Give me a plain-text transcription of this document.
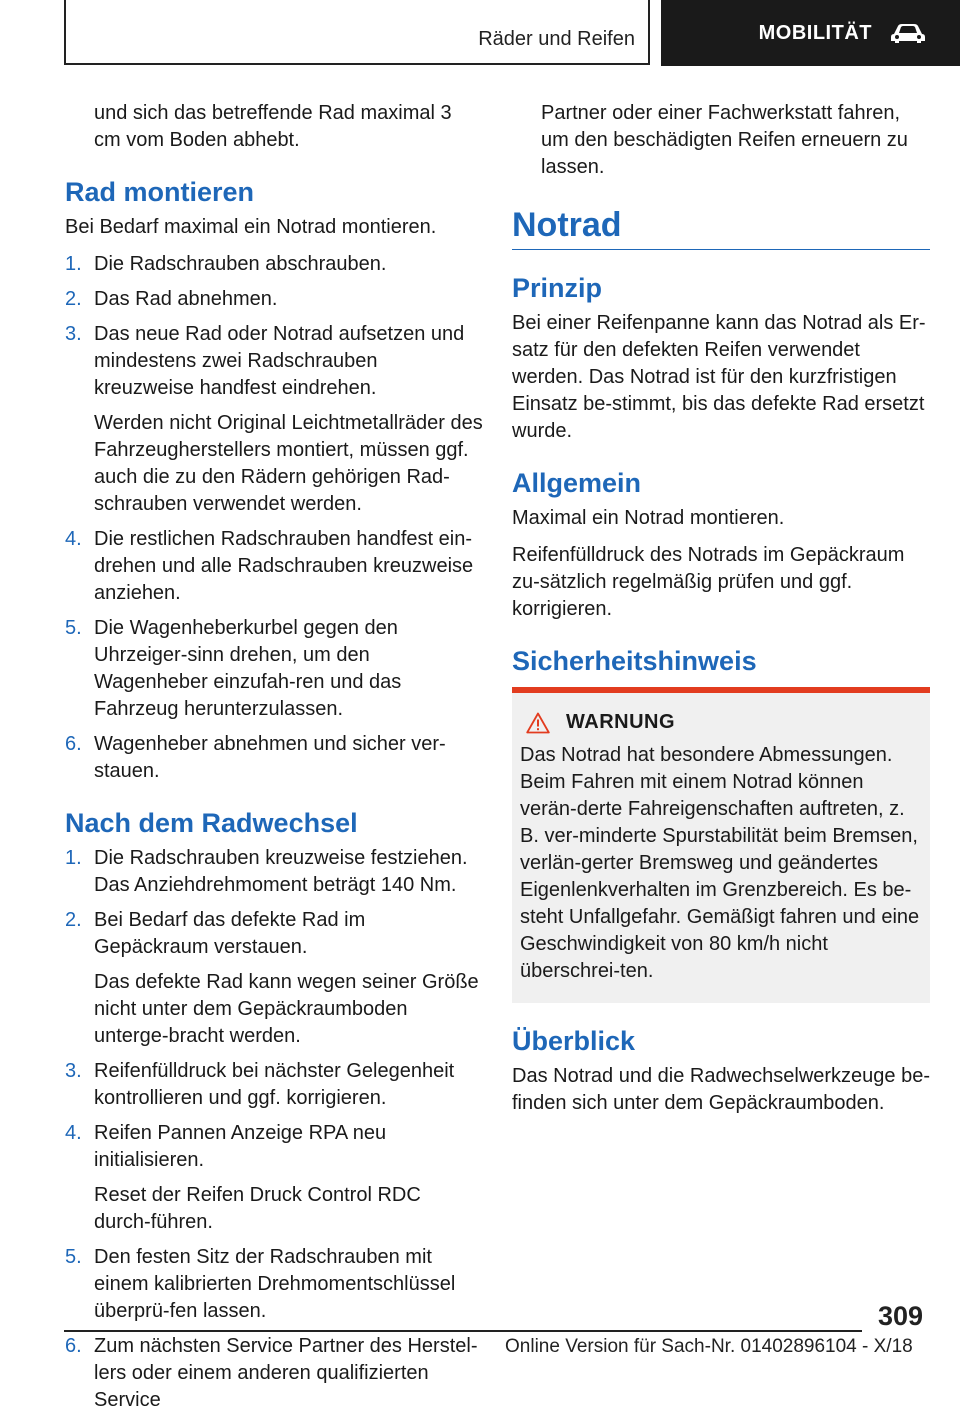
Räder und Reifen	MOBILITÄT

und sich das betreffende Rad maximal 3 cm vom Boden abhebt.

Rad montieren

Bei Bedarf maximal ein Notrad montieren.

1. Die Radschrauben abschrauben.
2. Das Rad abnehmen.
3. Das neue Rad oder Notrad aufsetzen und mindestens zwei Radschrauben kreuzweise handfest eindrehen.
Werden nicht Original Leichtmetallräder des Fahrzeugherstellers montiert, müssen ggf. auch die zu den Rädern gehörigen Rad-schrauben verwendet werden.
4. Die restlichen Radschrauben handfest ein-drehen und alle Radschrauben kreuzweise anziehen.
5. Die Wagenheberkurbel gegen den Uhrzeiger-sinn drehen, um den Wagenheber einzufah-ren und das Fahrzeug herunterzulassen.
6. Wagenheber abnehmen und sicher ver-stauen.
Nach dem Radwechsel
1. Die Radschrauben kreuzweise festziehen. Das Anziehdrehmoment beträgt 140 Nm.
2. Bei Bedarf das defekte Rad im Gepäckraum verstauen.
Das defekte Rad kann wegen seiner Größe nicht unter dem Gepäckraumboden unterge-bracht werden.
3. Reifenfülldruck bei nächster Gelegenheit kontrollieren und ggf. korrigieren.
4. Reifen Pannen Anzeige RPA neu initialisieren.
Reset der Reifen Druck Control RDC durch-führen.
5. Den festen Sitz der Radschrauben mit einem kalibrierten Drehmomentschlüssel überprü-fen lassen.
6. Zum nächsten Service Partner des Herstel-lers oder einem anderen qualifizierten Service

Partner oder einer Fachwerkstatt fahren, um den beschädigten Reifen erneuern zu lassen.

Notrad
Prinzip

Bei einer Reifenpanne kann das Notrad als Er-satz für den defekten Reifen verwendet werden. Das Notrad ist für den kurzfristigen Einsatz be-stimmt, bis das defekte Rad ersetzt wurde.

Allgemein

Maximal ein Notrad montieren.

Reifenfülldruck des Notrads im Gepäckraum zu-sätzlich regelmäßig prüfen und ggf. korrigieren.

Sicherheitshinweis
WARNUNG
Das Notrad hat besondere Abmessungen. Beim Fahren mit einem Notrad können verän-derte Fahreigenschaften auftreten, z. B. ver-minderte Spurstabilität beim Bremsen, verlän-gerter Bremsweg und geändertes Eigenlenkverhalten im Grenzbereich. Es be-steht Unfallgefahr. Gemäßigt fahren und eine Geschwindigkeit von 80 km/h nicht überschrei-ten.
Überblick

Das Notrad und die Radwechselwerkzeuge be-finden sich unter dem Gepäckraumboden.

309
Online Version für Sach-Nr. 01402896104 - X/18
